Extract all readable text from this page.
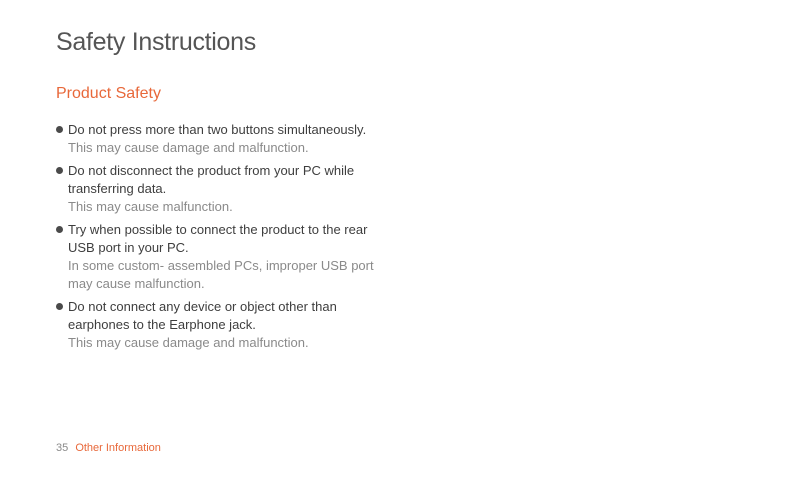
Safety Instructions
Product Safety
Do not press more than two buttons simultaneously.
This may cause damage and malfunction.
Do not disconnect the product from your PC while transferring data.
This may cause malfunction.
Try when possible to connect the product to the rear USB port in your PC.
In some custom- assembled PCs, improper USB port may cause malfunction.
Do not connect any device or object other than earphones to the Earphone jack.
This may cause damage and malfunction.
35 Other Information
